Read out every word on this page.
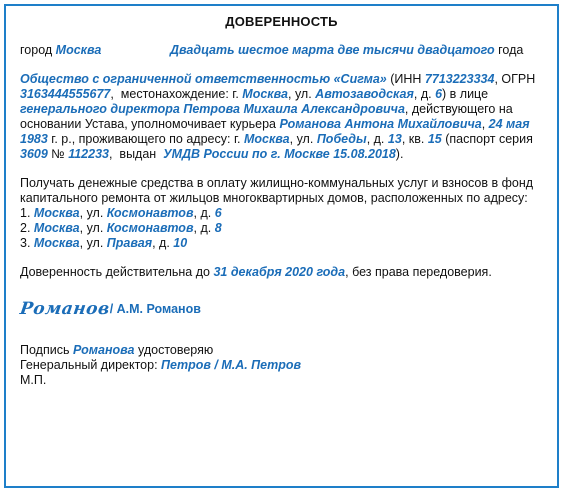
ДОВЕРЕННОСТЬ
город Москва	Двадцать шестое марта две тысячи двадцатого года

Общество с ограниченной ответственностью «Сигма» (ИНН 7713223334, ОГРН 3163444555677,  местонахождение: г. Москва, ул. Автозаводская, д. 6) в лице генерального директора Петрова Михаила Александровича, действующего на основании Устава, уполномочивает курьера Романова Антона Михайловича, 24 мая 1983 г. р., проживающего по адресу: г. Москва, ул. Победы, д. 13, кв. 15 (паспорт серия 3609 № 112233,  выдан УМДВ России по г. Москве 15.08.2018).

Получать денежные средства в оплату жилищно-коммунальных услуг и взносов в фонд капитального ремонта от жильцов многоквартирных домов, расположенных по адресу:

1. Москва, ул. Космонавтов, д. 6
2. Москва, ул. Космонавтов, д. 8
3. Москва, ул. Правая, д. 10

Доверенность действительна до 31 декабря 2020 года, без права передоверия.

Романов
/ А.М. Романов
Подпись Романова удостоверяю
Генеральный директор: Петров / М.А. Петров
М.П.
